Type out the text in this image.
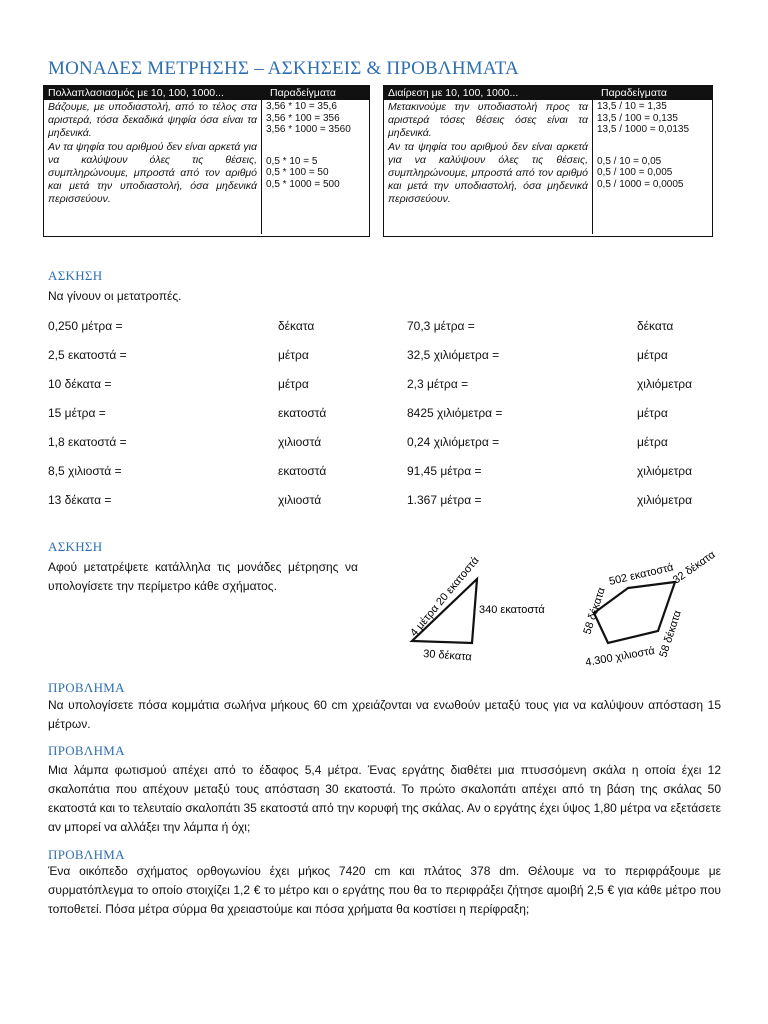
ΜΟΝΑΔΕΣ ΜΕΤΡΗΣΗΣ – ΑΣΚΗΣΕΙΣ & ΠΡΟΒΛΗΜΑΤΑ
Πολλαπλασιασμός με 10, 100, 1000...	Παραδείγματα

Βάζουμε, με υποδιαστολή, από το τέλος στα αριστερά, τόσα δεκαδικά ψηφία όσα είναι τα μηδενικά.

Αν τα ψηφία του αριθμού δεν είναι αρκετά για να καλύψουν όλες τις θέσεις, συμπληρώνουμε, μπροστά από τον αριθμό και μετά την υποδιαστολή, όσα μηδενικά περισσεύουν.

3,56 * 10 = 35,6
3,56 * 100 = 356
3,56 * 1000 = 3560
0,5 * 10 = 5
0,5 * 100 = 50
0,5 * 1000 = 500
Διαίρεση με 10, 100, 1000...	Παραδείγματα

Μετακινούμε την υποδιαστολή προς τα αριστερά τόσες θέσεις όσες είναι τα μηδενικά.

Αν τα ψηφία του αριθμού δεν είναι αρκετά για να καλύψουν όλες τις θέσεις, συμπληρώνουμε, μπροστά από τον αριθμό και μετά την υποδιαστολή, όσα μηδενικά περισσεύουν.

13,5 / 10 = 1,35
13,5 / 100 = 0,135
13,5 / 1000 = 0,0135
0,5 / 10 = 0,05
0,5 / 100 = 0,005
0,5 / 1000 = 0,0005
ΑΣΚΗΣΗ
Να γίνουν οι μετατροπές.
0,250 μέτρα =	δέκατα	70,3 μέτρα =	δέκατα
2,5 εκατοστά =	μέτρα	32,5 χιλιόμετρα =	μέτρα
10 δέκατα =	μέτρα	2,3 μέτρα =	χιλιόμετρα
15 μέτρα =	εκατοστά	8425 χιλιόμετρα =	μέτρα
1,8 εκατοστά =	χιλιοστά	0,24 χιλιόμετρα =	μέτρα
8,5 χιλιοστά =	εκατοστά	91,45 μέτρα =	χιλιόμετρα
13 δέκατα =	χιλιοστά	1.367 μέτρα =	χιλιόμετρα
ΑΣΚΗΣΗ
Αφού μετατρέψετε κατάλληλα τις μονάδες μέτρησης να υπολογίσετε την περίμετρο κάθε σχήματος.	4 μέτρα 20 εκατοστά
340 εκατοστά
30 δέκατα
502 εκατοστά
32 δέκατα
58 δέκατα	58 δέκατα
4.300 χιλιοστά
ΠΡΟΒΛΗΜΑ
Να υπολογίσετε πόσα κομμάτια σωλήνα μήκους 60 cm χρειάζονται να ενωθούν μεταξύ τους για να καλύψουν απόσταση 15 μέτρων.
ΠΡΟΒΛΗΜΑ
Μια λάμπα φωτισμού απέχει από το έδαφος 5,4 μέτρα. Ένας εργάτης διαθέτει μια πτυσσόμενη σκάλα η οποία έχει 12 σκαλοπάτια που απέχουν μεταξύ τους απόσταση 30 εκατοστά. Το πρώτο σκαλοπάτι απέχει από τη βάση της σκάλας 50 εκατοστά και το τελευταίο σκαλοπάτι 35 εκατοστά από την κορυφή της σκάλας. Αν ο εργάτης έχει ύψος 1,80 μέτρα να εξετάσετε αν μπορεί να αλλάξει την λάμπα ή όχι;
ΠΡΟΒΛΗΜΑ
Ένα οικόπεδο σχήματος ορθογωνίου έχει μήκος 7420 cm και πλάτος 378 dm. Θέλουμε να το περιφράξουμε με συρματόπλεγμα το οποίο στοιχίζει 1,2 € το μέτρο και ο εργάτης που θα το περιφράξει ζήτησε αμοιβή 2,5 € για κάθε μέτρο που τοποθετεί. Πόσα μέτρα σύρμα θα χρειαστούμε και πόσα χρήματα θα κοστίσει η περίφραξη;
